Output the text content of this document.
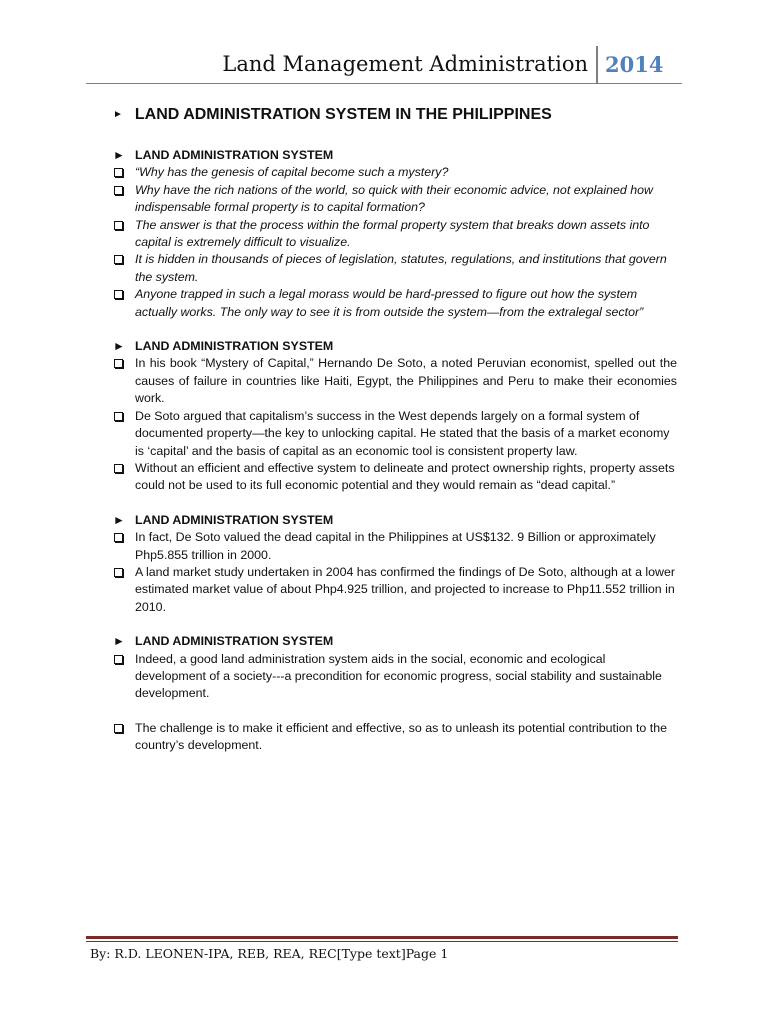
Land Management Administration 2014
► LAND ADMINISTRATION SYSTEM IN THE PHILIPPINES
► LAND ADMINISTRATION SYSTEM
“Why has the genesis of capital become such a mystery?
Why have the rich nations of the world, so quick with their economic advice, not explained how indispensable formal property is to capital formation?
The answer is that the process within the formal property system that breaks down assets into capital is extremely difficult to visualize.
It is hidden in thousands of pieces of legislation, statutes, regulations, and institutions that govern the system.
Anyone trapped in such a legal morass would be hard-pressed to figure out how the system actually works. The only way to see it is from outside the system—from the extralegal sector”
► LAND ADMINISTRATION SYSTEM
In his book “Mystery of Capital,” Hernando De Soto, a noted Peruvian economist, spelled out the causes of failure in countries like Haiti, Egypt, the Philippines and Peru to make their economies work.
De Soto argued that capitalism’s success in the West depends largely on a formal system of documented property—the key to unlocking capital. He stated that the basis of a market economy is ‘capital’ and the basis of capital as an economic tool is consistent property law.
Without an efficient and effective system to delineate and protect ownership rights, property assets could not be used to its full economic potential and they would remain as “dead capital.”
► LAND ADMINISTRATION SYSTEM
In fact, De Soto valued the dead capital in the Philippines at US$132. 9 Billion or approximately Php5.855 trillion in 2000.
A land market study undertaken in 2004 has confirmed the findings of De Soto, although at a lower estimated market value of about Php4.925 trillion, and projected to increase to Php11.552 trillion in 2010.
► LAND ADMINISTRATION SYSTEM
Indeed, a good land administration system aids in the social, economic and ecological development of a society---a precondition for economic progress, social stability and sustainable development.
The challenge is to make it efficient and effective, so as to unleash its potential contribution to the country’s development.
By: R.D. LEONEN-IPA, REB, REA, REC[Type text]Page 1
